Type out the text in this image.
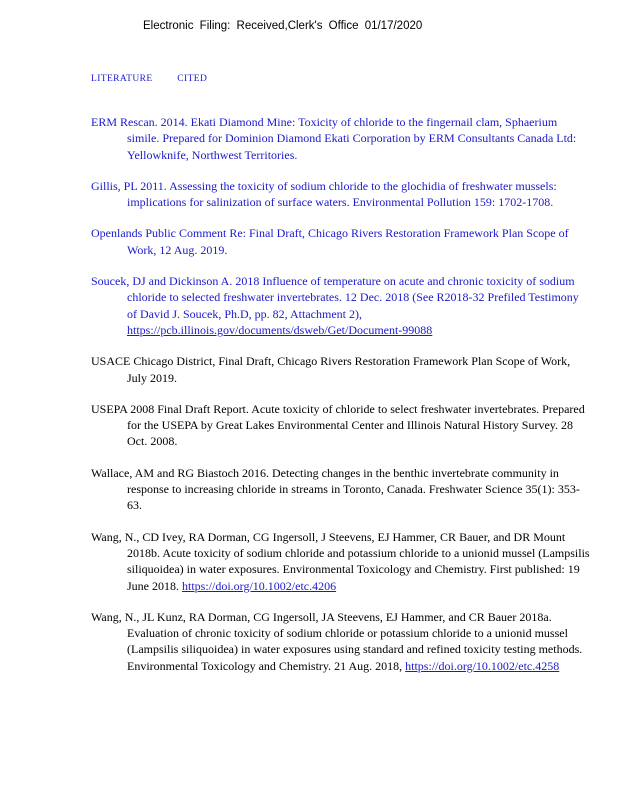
Electronic Filing: Received,Clerk's Office 01/17/2020
LITERATURE CITED

ERM Rescan. 2014. Ekati Diamond Mine: Toxicity of chloride to the fingernail clam, Sphaerium simile. Prepared for Dominion Diamond Ekati Corporation by ERM Consultants Canada Ltd: Yellowknife, Northwest Territories.

Gillis, PL 2011. Assessing the toxicity of sodium chloride to the glochidia of freshwater mussels: implications for salinization of surface waters. Environmental Pollution 159: 1702-1708.

Openlands Public Comment Re: Final Draft, Chicago Rivers Restoration Framework Plan Scope of Work, 12 Aug. 2019.

Soucek, DJ and Dickinson A. 2018 Influence of temperature on acute and chronic toxicity of sodium chloride to selected freshwater invertebrates. 12 Dec. 2018 (See R2018-32 Prefiled Testimony of David J. Soucek, Ph.D, pp. 82, Attachment 2), https://pcb.illinois.gov/documents/dsweb/Get/Document-99088

USACE Chicago District, Final Draft, Chicago Rivers Restoration Framework Plan Scope of Work, July 2019.

USEPA 2008 Final Draft Report. Acute toxicity of chloride to select freshwater invertebrates. Prepared for the USEPA by Great Lakes Environmental Center and Illinois Natural History Survey. 28 Oct. 2008.

Wallace, AM and RG Biastoch 2016. Detecting changes in the benthic invertebrate community in response to increasing chloride in streams in Toronto, Canada. Freshwater Science 35(1): 353-63.

Wang, N., CD Ivey, RA Dorman, CG Ingersoll, J Steevens, EJ Hammer, CR Bauer, and DR Mount 2018b. Acute toxicity of sodium chloride and potassium chloride to a unionid mussel (Lampsilis siliquoidea) in water exposures. Environmental Toxicology and Chemistry. First published: 19 June 2018. https://doi.org/10.1002/etc.4206

Wang, N., JL Kunz, RA Dorman, CG Ingersoll, JA Steevens, EJ Hammer, and CR Bauer 2018a. Evaluation of chronic toxicity of sodium chloride or potassium chloride to a unionid mussel (Lampsilis siliquoidea) in water exposures using standard and refined toxicity testing methods. Environmental Toxicology and Chemistry. 21 Aug. 2018, https://doi.org/10.1002/etc.4258
